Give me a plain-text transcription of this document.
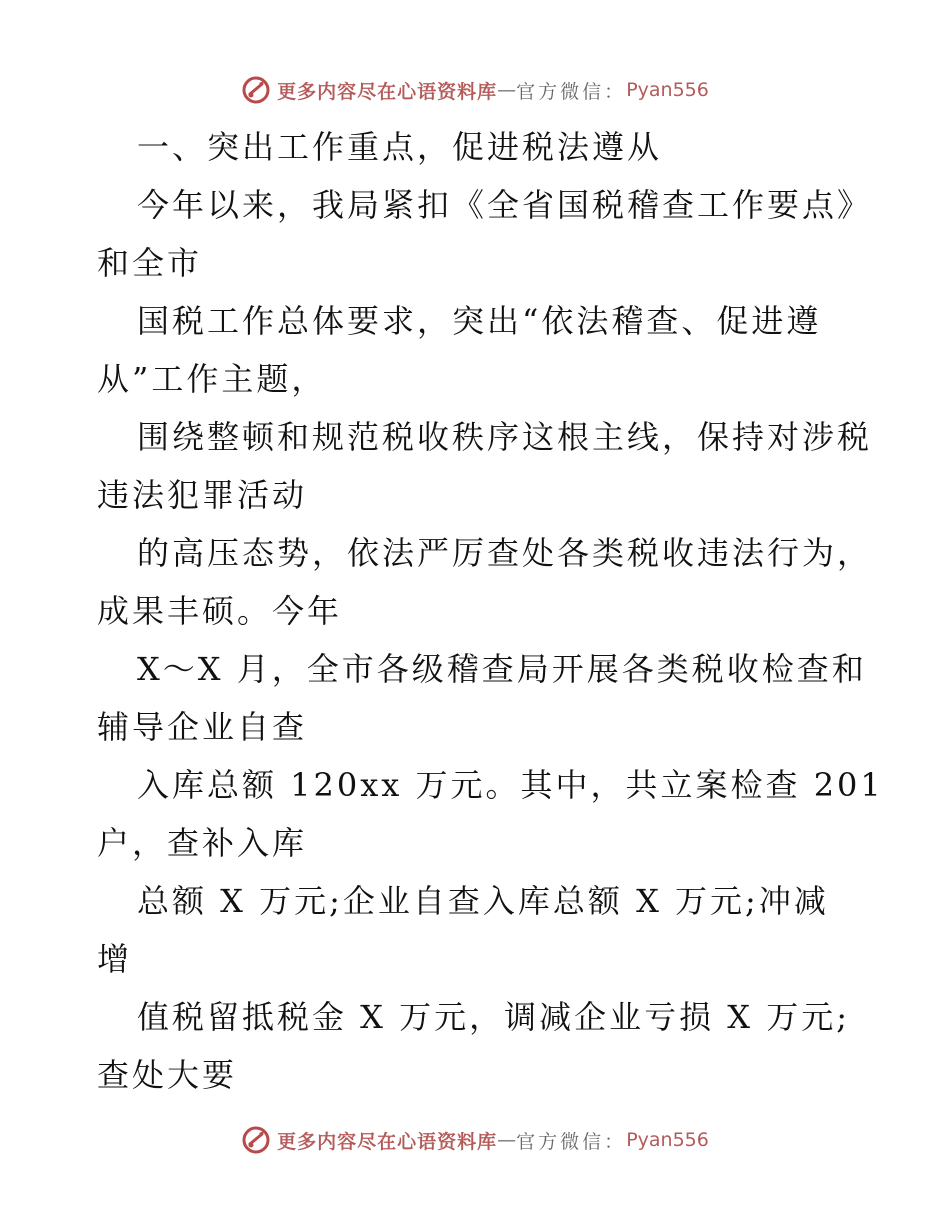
更多内容尽在心语资料库 — 官方微信： Pyan556
一、突出工作重点，促进税法遵从
今年以来，我局紧扣《全省国税稽查工作要点》
和全市
国税工作总体要求，突出“依法稽查、促进遵
从”工作主题，
围绕整顿和规范税收秩序这根主线，保持对涉税
违法犯罪活动
的高压态势，依法严厉查处各类税收违法行为，
成果丰硕。今年
X～X 月，全市各级稽查局开展各类税收检查和
辅导企业自查
入库总额 120xx 万元。其中，共立案检查 201
户，查补入库
总额 X 万元;企业自查入库总额 X 万元;冲减
增
值税留抵税金 X 万元，调减企业亏损 X 万元;
查处大要
更多内容尽在心语资料库 — 官方微信： Pyan556
